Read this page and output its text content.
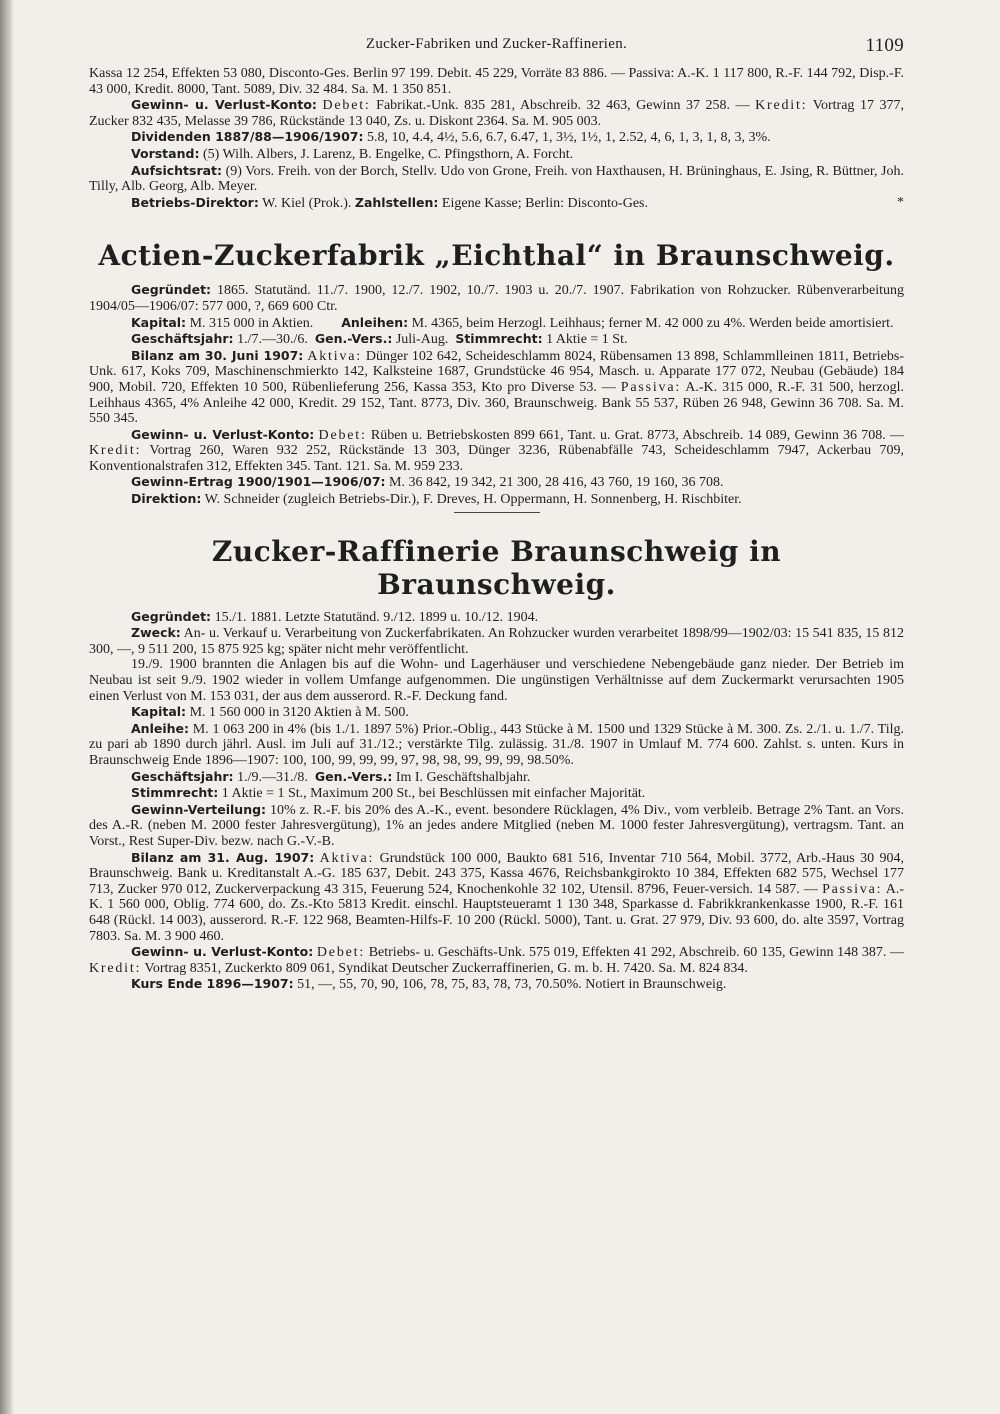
Zucker-Fabriken und Zucker-Raffinerien.	1109

Kassa 12 254, Effekten 53 080, Disconto-Ges. Berlin 97 199. Debit. 45 229, Vorräte 83 886. — Passiva: A.-K. 1 117 800, R.-F. 144 792, Disp.-F. 43 000, Kredit. 8000, Tant. 5089, Div. 32 484. Sa. M. 1 350 851.

Gewinn- u. Verlust-Konto: Debet: Fabrikat.-Unk. 835 281, Abschreib. 32 463, Gewinn 37 258. — Kredit: Vortrag 17 377, Zucker 832 435, Melasse 39 786, Rückstände 13 040, Zs. u. Diskont 2364. Sa. M. 905 003.

Dividenden 1887/88—1906/1907: 5.8, 10, 4.4, 4½, 5.6, 6.7, 6.47, 1, 3½, 1½, 1, 2.52, 4, 6, 1, 3, 1, 8, 3, 3%.

Vorstand: (5) Wilh. Albers, J. Larenz, B. Engelke, C. Pfingsthorn, A. Forcht.

Aufsichtsrat: (9) Vors. Freih. von der Borch, Stellv. Udo von Grone, Freih. von Haxthausen, H. Brüninghaus, E. Jsing, R. Büttner, Joh. Tilly, Alb. Georg, Alb. Meyer.

Betriebs-Direktor: W. Kiel (Prok.). Zahlstellen: Eigene Kasse; Berlin: Disconto-Ges.	*

Actien-Zuckerfabrik „Eichthal“ in Braunschweig.

Gegründet: 1865. Statutänd. 11./7. 1900, 12./7. 1902, 10./7. 1903 u. 20./7. 1907. Fabrikation von Rohzucker. Rübenverarbeitung 1904/05—1906/07: 577 000, ?, 669 600 Ctr.

Kapital: M. 315 000 in Aktien. Anleihen: M. 4365, beim Herzogl. Leihhaus; ferner M. 42 000 zu 4%. Werden beide amortisiert.

Geschäftsjahr: 1./7.—30./6. Gen.-Vers.: Juli-Aug. Stimmrecht: 1 Aktie = 1 St.

Bilanz am 30. Juni 1907: Aktiva: Dünger 102 642, Scheideschlamm 8024, Rübensamen 13 898, Schlammlleinen 1811, Betriebs-Unk. 617, Koks 709, Maschinenschmierkto 142, Kalksteine 1687, Grundstücke 46 954, Masch. u. Apparate 177 072, Neubau (Gebäude) 184 900, Mobil. 720, Effekten 10 500, Rübenlieferung 256, Kassa 353, Kto pro Diverse 53. — Passiva: A.-K. 315 000, R.-F. 31 500, herzogl. Leihhaus 4365, 4% Anleihe 42 000, Kredit. 29 152, Tant. 8773, Div. 360, Braunschweig. Bank 55 537, Rüben 26 948, Gewinn 36 708. Sa. M. 550 345.

Gewinn- u. Verlust-Konto: Debet: Rüben u. Betriebskosten 899 661, Tant. u. Grat. 8773, Abschreib. 14 089, Gewinn 36 708. — Kredit: Vortrag 260, Waren 932 252, Rückstände 13 303, Dünger 3236, Rübenabfälle 743, Scheideschlamm 7947, Ackerbau 709, Konventionalstrafen 312, Effekten 345. Tant. 121. Sa. M. 959 233.

Gewinn-Ertrag 1900/1901—1906/07: M. 36 842, 19 342, 21 300, 28 416, 43 760, 19 160, 36 708.

Direktion: W. Schneider (zugleich Betriebs-Dir.), F. Dreves, H. Oppermann, H. Sonnenberg, H. Rischbiter.

Zucker-Raffinerie Braunschweig in Braunschweig.

Gegründet: 15./1. 1881. Letzte Statutänd. 9./12. 1899 u. 10./12. 1904.

Zweck: An- u. Verkauf u. Verarbeitung von Zuckerfabrikaten. An Rohzucker wurden verarbeitet 1898/99—1902/03: 15 541 835, 15 812 300, —, 9 511 200, 15 875 925 kg; später nicht mehr veröffentlicht.

19./9. 1900 brannten die Anlagen bis auf die Wohn- und Lagerhäuser und verschiedene Nebengebäude ganz nieder. Der Betrieb im Neubau ist seit 9./9. 1902 wieder in vollem Umfange aufgenommen. Die ungünstigen Verhältnisse auf dem Zuckermarkt verursachten 1905 einen Verlust von M. 153 031, der aus dem ausserord. R.-F. Deckung fand.

Kapital: M. 1 560 000 in 3120 Aktien à M. 500.

Anleihe: M. 1 063 200 in 4% (bis 1./1. 1897 5%) Prior.-Oblig., 443 Stücke à M. 1500 und 1329 Stücke à M. 300. Zs. 2./1. u. 1./7. Tilg. zu pari ab 1890 durch jährl. Ausl. im Juli auf 31./12.; verstärkte Tilg. zulässig. 31./8. 1907 in Umlauf M. 774 600. Zahlst. s. unten. Kurs in Braunschweig Ende 1896—1907: 100, 100, 99, 99, 99, 97, 98, 98, 99, 99, 99, 98.50%.

Geschäftsjahr: 1./9.—31./8. Gen.-Vers.: Im I. Geschäftshalbjahr.

Stimmrecht: 1 Aktie = 1 St., Maximum 200 St., bei Beschlüssen mit einfacher Majorität.

Gewinn-Verteilung: 10% z. R.-F. bis 20% des A.-K., event. besondere Rücklagen, 4% Div., vom verbleib. Betrage 2% Tant. an Vors. des A.-R. (neben M. 2000 fester Jahresvergütung), 1% an jedes andere Mitglied (neben M. 1000 fester Jahresvergütung), vertragsm. Tant. an Vorst., Rest Super-Div. bezw. nach G.-V.-B.

Bilanz am 31. Aug. 1907: Aktiva: Grundstück 100 000, Baukto 681 516, Inventar 710 564, Mobil. 3772, Arb.-Haus 30 904, Braunschweig. Bank u. Kreditanstalt A.-G. 185 637, Debit. 243 375, Kassa 4676, Reichsbankgirokto 10 384, Effekten 682 575, Wechsel 177 713, Zucker 970 012, Zuckerverpackung 43 315, Feuerung 524, Knochenkohle 32 102, Utensil. 8796, Feuer-versich. 14 587. — Passiva: A.-K. 1 560 000, Oblig. 774 600, do. Zs.-Kto 5813 Kredit. einschl. Hauptsteueramt 1 130 348, Sparkasse d. Fabrikkrankenkasse 1900, R.-F. 161 648 (Rückl. 14 003), ausserord. R.-F. 122 968, Beamten-Hilfs-F. 10 200 (Rückl. 5000), Tant. u. Grat. 27 979, Div. 93 600, do. alte 3597, Vortrag 7803. Sa. M. 3 900 460.

Gewinn- u. Verlust-Konto: Debet: Betriebs- u. Geschäfts-Unk. 575 019, Effekten 41 292, Abschreib. 60 135, Gewinn 148 387. — Kredit: Vortrag 8351, Zuckerkto 809 061, Syndikat Deutscher Zuckerraffinerien, G. m. b. H. 7420. Sa. M. 824 834.

Kurs Ende 1896—1907: 51, —, 55, 70, 90, 106, 78, 75, 83, 78, 73, 70.50%. Notiert in Braunschweig.
